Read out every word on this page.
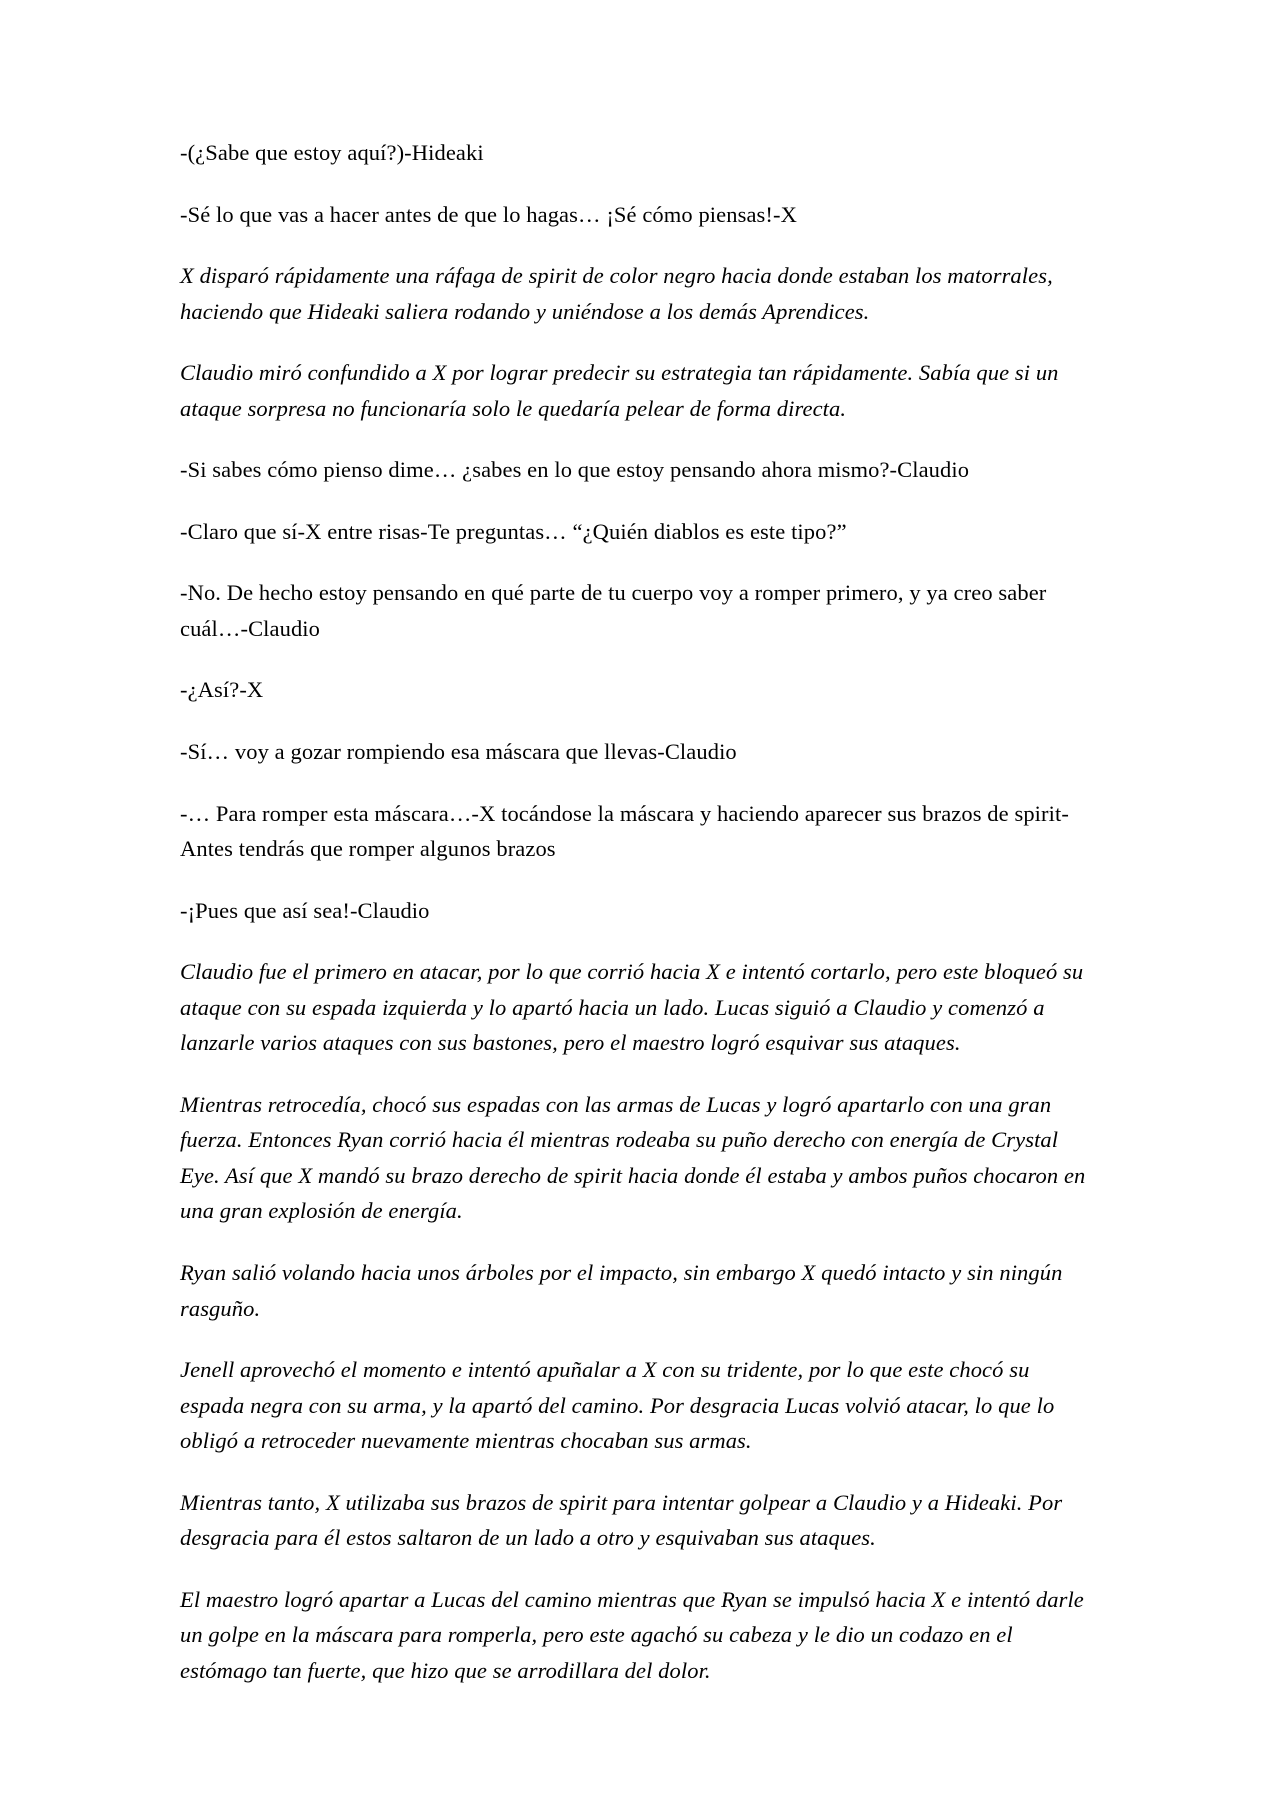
-(¿Sabe que estoy aquí?)-Hideaki

-Sé lo que vas a hacer antes de que lo hagas… ¡Sé cómo piensas!-X

X disparó rápidamente una ráfaga de spirit de color negro hacia donde estaban los matorrales, haciendo que Hideaki saliera rodando y uniéndose a los demás Aprendices.

Claudio miró confundido a X por lograr predecir su estrategia tan rápidamente. Sabía que si un ataque sorpresa no funcionaría solo le quedaría pelear de forma directa.

-Si sabes cómo pienso dime… ¿sabes en lo que estoy pensando ahora mismo?-Claudio

-Claro que sí-X entre risas-Te preguntas… “¿Quién diablos es este tipo?”

-No. De hecho estoy pensando en qué parte de tu cuerpo voy a romper primero, y ya creo saber cuál…-Claudio

-¿Así?-X

-Sí… voy a gozar rompiendo esa máscara que llevas-Claudio

-… Para romper esta máscara…-X tocándose la máscara y haciendo aparecer sus brazos de spirit-Antes tendrás que romper algunos brazos

-¡Pues que así sea!-Claudio

Claudio fue el primero en atacar, por lo que corrió hacia X e intentó cortarlo, pero este bloqueó su ataque con su espada izquierda y lo apartó hacia un lado. Lucas siguió a Claudio y comenzó a lanzarle varios ataques con sus bastones, pero el maestro logró esquivar sus ataques.

Mientras retrocedía, chocó sus espadas con las armas de Lucas y logró apartarlo con una gran fuerza. Entonces Ryan corrió hacia él mientras rodeaba su puño derecho con energía de Crystal Eye. Así que X mandó su brazo derecho de spirit hacia donde él estaba y ambos puños chocaron en una gran explosión de energía.

Ryan salió volando hacia unos árboles por el impacto, sin embargo X quedó intacto y sin ningún rasguño.

Jenell aprovechó el momento e intentó apuñalar a X con su tridente, por lo que este chocó su espada negra con su arma, y la apartó del camino. Por desgracia Lucas volvió atacar, lo que lo obligó a retroceder nuevamente mientras chocaban sus armas.

Mientras tanto, X utilizaba sus brazos de spirit para intentar golpear a Claudio y a Hideaki. Por desgracia para él estos saltaron de un lado a otro y esquivaban sus ataques.

El maestro logró apartar a Lucas del camino mientras que Ryan se impulsó hacia X e intentó darle un golpe en la máscara para romperla, pero este agachó su cabeza y le dio un codazo en el estómago tan fuerte, que hizo que se arrodillara del dolor.
